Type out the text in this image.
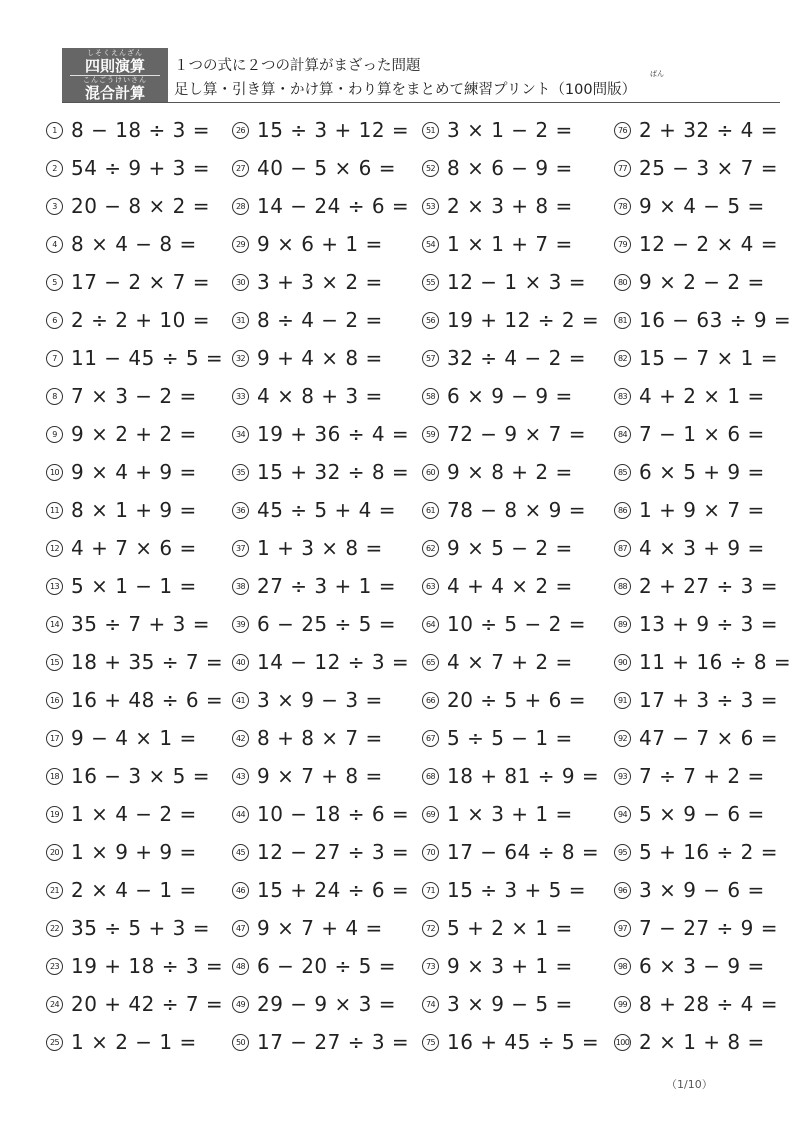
しそくえんざん
四則演算
こんごうけいさん
混合計算
１つの式に２つの計算がまざった問題	ばん
足し算・引き算・かけ算・わり算をまとめて練習プリント（100問版）
1 8 − 18 ÷ 3 =
2 54 ÷ 9 + 3 =
3 20 − 8 × 2 =
4 8 × 4 − 8 =
5 17 − 2 × 7 =
6 2 ÷ 2 + 10 =
7 11 − 45 ÷ 5 =
8 7 × 3 − 2 =
9 9 × 2 + 2 =
10 9 × 4 + 9 =
11 8 × 1 + 9 =
12 4 + 7 × 6 =
13 5 × 1 − 1 =
14 35 ÷ 7 + 3 =
15 18 + 35 ÷ 7 =
16 16 + 48 ÷ 6 =
17 9 − 4 × 1 =
18 16 − 3 × 5 =
19 1 × 4 − 2 =
20 1 × 9 + 9 =
21 2 × 4 − 1 =
22 35 ÷ 5 + 3 =
23 19 + 18 ÷ 3 =
24 20 + 42 ÷ 7 =
25 1 × 2 − 1 =
26 15 ÷ 3 + 12 =
27 40 − 5 × 6 =
28 14 − 24 ÷ 6 =
29 9 × 6 + 1 =
30 3 + 3 × 2 =
31 8 ÷ 4 − 2 =
32 9 + 4 × 8 =
33 4 × 8 + 3 =
34 19 + 36 ÷ 4 =
35 15 + 32 ÷ 8 =
36 45 ÷ 5 + 4 =
37 1 + 3 × 8 =
38 27 ÷ 3 + 1 =
39 6 − 25 ÷ 5 =
40 14 − 12 ÷ 3 =
41 3 × 9 − 3 =
42 8 + 8 × 7 =
43 9 × 7 + 8 =
44 10 − 18 ÷ 6 =
45 12 − 27 ÷ 3 =
46 15 + 24 ÷ 6 =
47 9 × 7 + 4 =
48 6 − 20 ÷ 5 =
49 29 − 9 × 3 =
50 17 − 27 ÷ 3 =
51 3 × 1 − 2 =
52 8 × 6 − 9 =
53 2 × 3 + 8 =
54 1 × 1 + 7 =
55 12 − 1 × 3 =
56 19 + 12 ÷ 2 =
57 32 ÷ 4 − 2 =
58 6 × 9 − 9 =
59 72 − 9 × 7 =
60 9 × 8 + 2 =
61 78 − 8 × 9 =
62 9 × 5 − 2 =
63 4 + 4 × 2 =
64 10 ÷ 5 − 2 =
65 4 × 7 + 2 =
66 20 ÷ 5 + 6 =
67 5 ÷ 5 − 1 =
68 18 + 81 ÷ 9 =
69 1 × 3 + 1 =
70 17 − 64 ÷ 8 =
71 15 ÷ 3 + 5 =
72 5 + 2 × 1 =
73 9 × 3 + 1 =
74 3 × 9 − 5 =
75 16 + 45 ÷ 5 =
76 2 + 32 ÷ 4 =
77 25 − 3 × 7 =
78 9 × 4 − 5 =
79 12 − 2 × 4 =
80 9 × 2 − 2 =
81 16 − 63 ÷ 9 =
82 15 − 7 × 1 =
83 4 + 2 × 1 =
84 7 − 1 × 6 =
85 6 × 5 + 9 =
86 1 + 9 × 7 =
87 4 × 3 + 9 =
88 2 + 27 ÷ 3 =
89 13 + 9 ÷ 3 =
90 11 + 16 ÷ 8 =
91 17 + 3 ÷ 3 =
92 47 − 7 × 6 =
93 7 ÷ 7 + 2 =
94 5 × 9 − 6 =
95 5 + 16 ÷ 2 =
96 3 × 9 − 6 =
97 7 − 27 ÷ 9 =
98 6 × 3 − 9 =
99 8 + 28 ÷ 4 =
100 2 × 1 + 8 =
（1/10）
